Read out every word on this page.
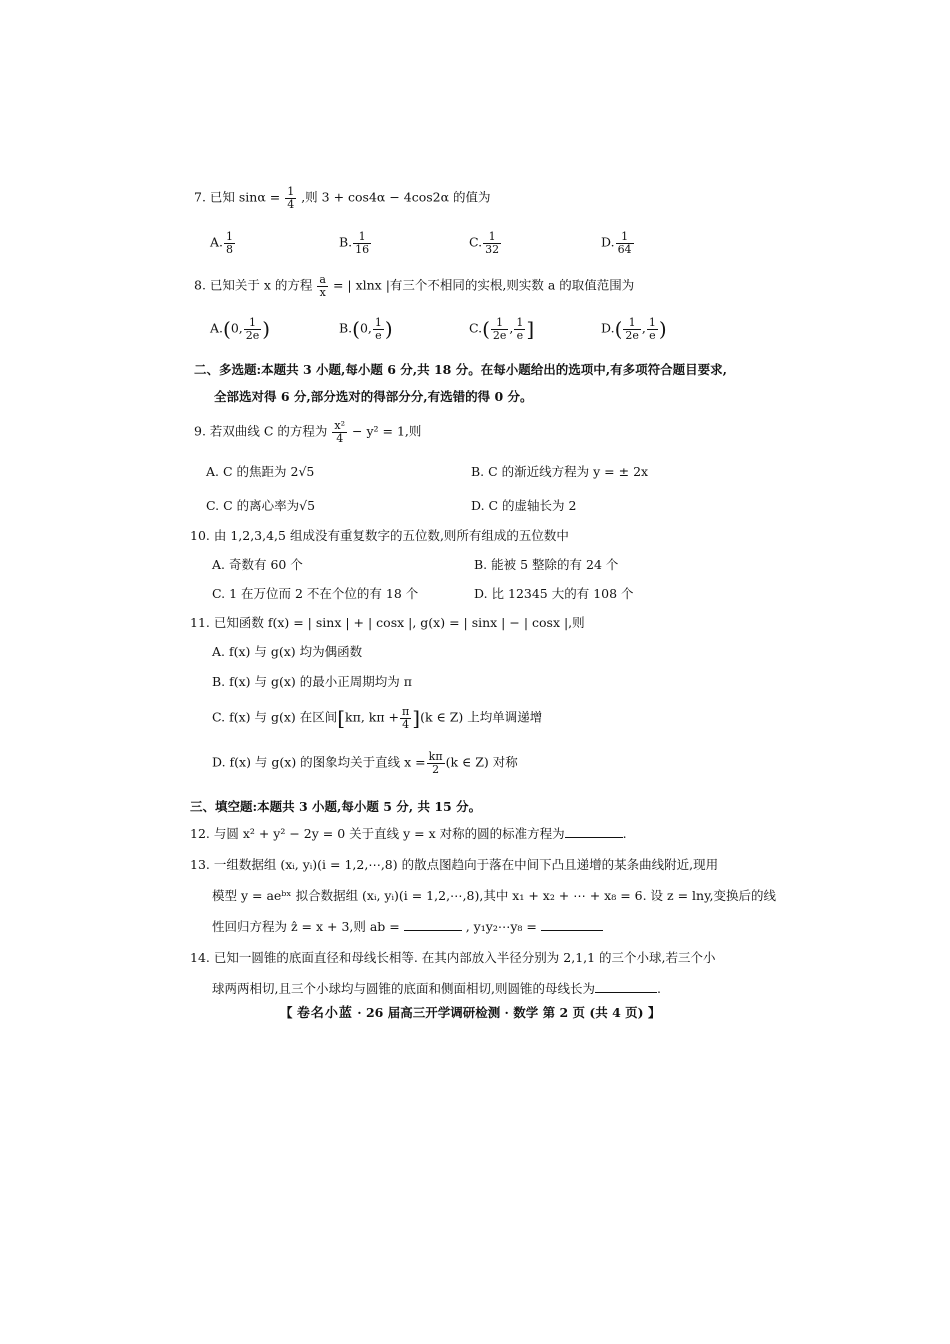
7. 已知 $\sin\alpha = \frac{1}{4}$ ,则 3 + cos4α − 4cos2α 的值为
A. $\frac{1}{8}$	B. $\frac{1}{16}$	C. $\frac{1}{32}$	D. $\frac{1}{64}$
8. 已知关于 x 的方程 $\frac{a}{x}$ = | xlnx |有三个不相同的实根,则实数 a 的取值范围为
A.(0, $\frac{1}{2e}$ )	B.(0, $\frac{1}{e}$ )	$C.( \frac{1}{2e}$ , $\frac{1}{e}$ ]	$D.( \frac{1}{2e}$ , $\frac{1}{e}$ )
二、多选题:本题共 3 小题,每小题 6 分,共 18 分。在每小题给出的选项中,有多项符合题目要求,
全部选对得 6 分,部分选对的得部分分,有选错的得 0 分。
9. 若双曲线 C 的方程为 $\frac{\text{x²}}{4} - y^2 = 1$,则
A. C 的焦距为 2√5	B. C 的渐近线方程为 y = ± 2x
C. C 的离心率为√5	D. C 的虚轴长为 2
10. 由 1,2,3,4,5 组成没有重复数字的五位数,则所有组成的五位数中
A. 奇数有 60 个	B. 能被 5 整除的有 24 个
C. 1 在万位而 2 不在个位的有 18 个	D. 比 12345 大的有 108 个
11. 已知函数 f(x) = | sinx | + | cosx |, g(x) = | sinx | − | cosx |,则
A. f(x) 与 g(x) 均为偶函数
B. f(x) 与 g(x) 的最小正周期均为 π
C. f(x) 与 g(x) 在区间[kπ, $k\pi + \frac{\pi}{4} ](k$ ∈ Z) 上均单调递增
D. f(x) 与 g(x) 的图象均关于直线 $x = \frac{k\pi}{2} (k$ ∈ Z) 对称
三、填空题:本题共 3 小题,每小题 5 分, 共 15 分。
12. 与圆 x² + y² − 2y = 0 关于直线 y = x 对称的圆的标准方程为	.
13. 一组数据组 (xᵢ, yᵢ)(i = 1,2,⋯,8) 的散点图趋向于落在中间下凸且递增的某条曲线附近,现用
模型 y = aeᵇˣ 拟合数据组 (xᵢ, yᵢ)(i = 1,2,⋯,8),其中 x₁ + x₂ + ⋯ + x₈ = 6. 设 z = lny,变换后的线
性回归方程为 ẑ = x + 3,则 ab =	, y₁y₂⋯y₈ =
14. 已知一圆锥的底面直径和母线长相等. 在其内部放入半径分别为 2,1,1 的三个小球,若三个小
球两两相切,且三个小球均与圆锥的底面和侧面相切,则圆锥的母线长为	.
【 卷名小蓝 · 26 届高三开学调研检测 · 数学 第 2 页 (共 4 页) 】
